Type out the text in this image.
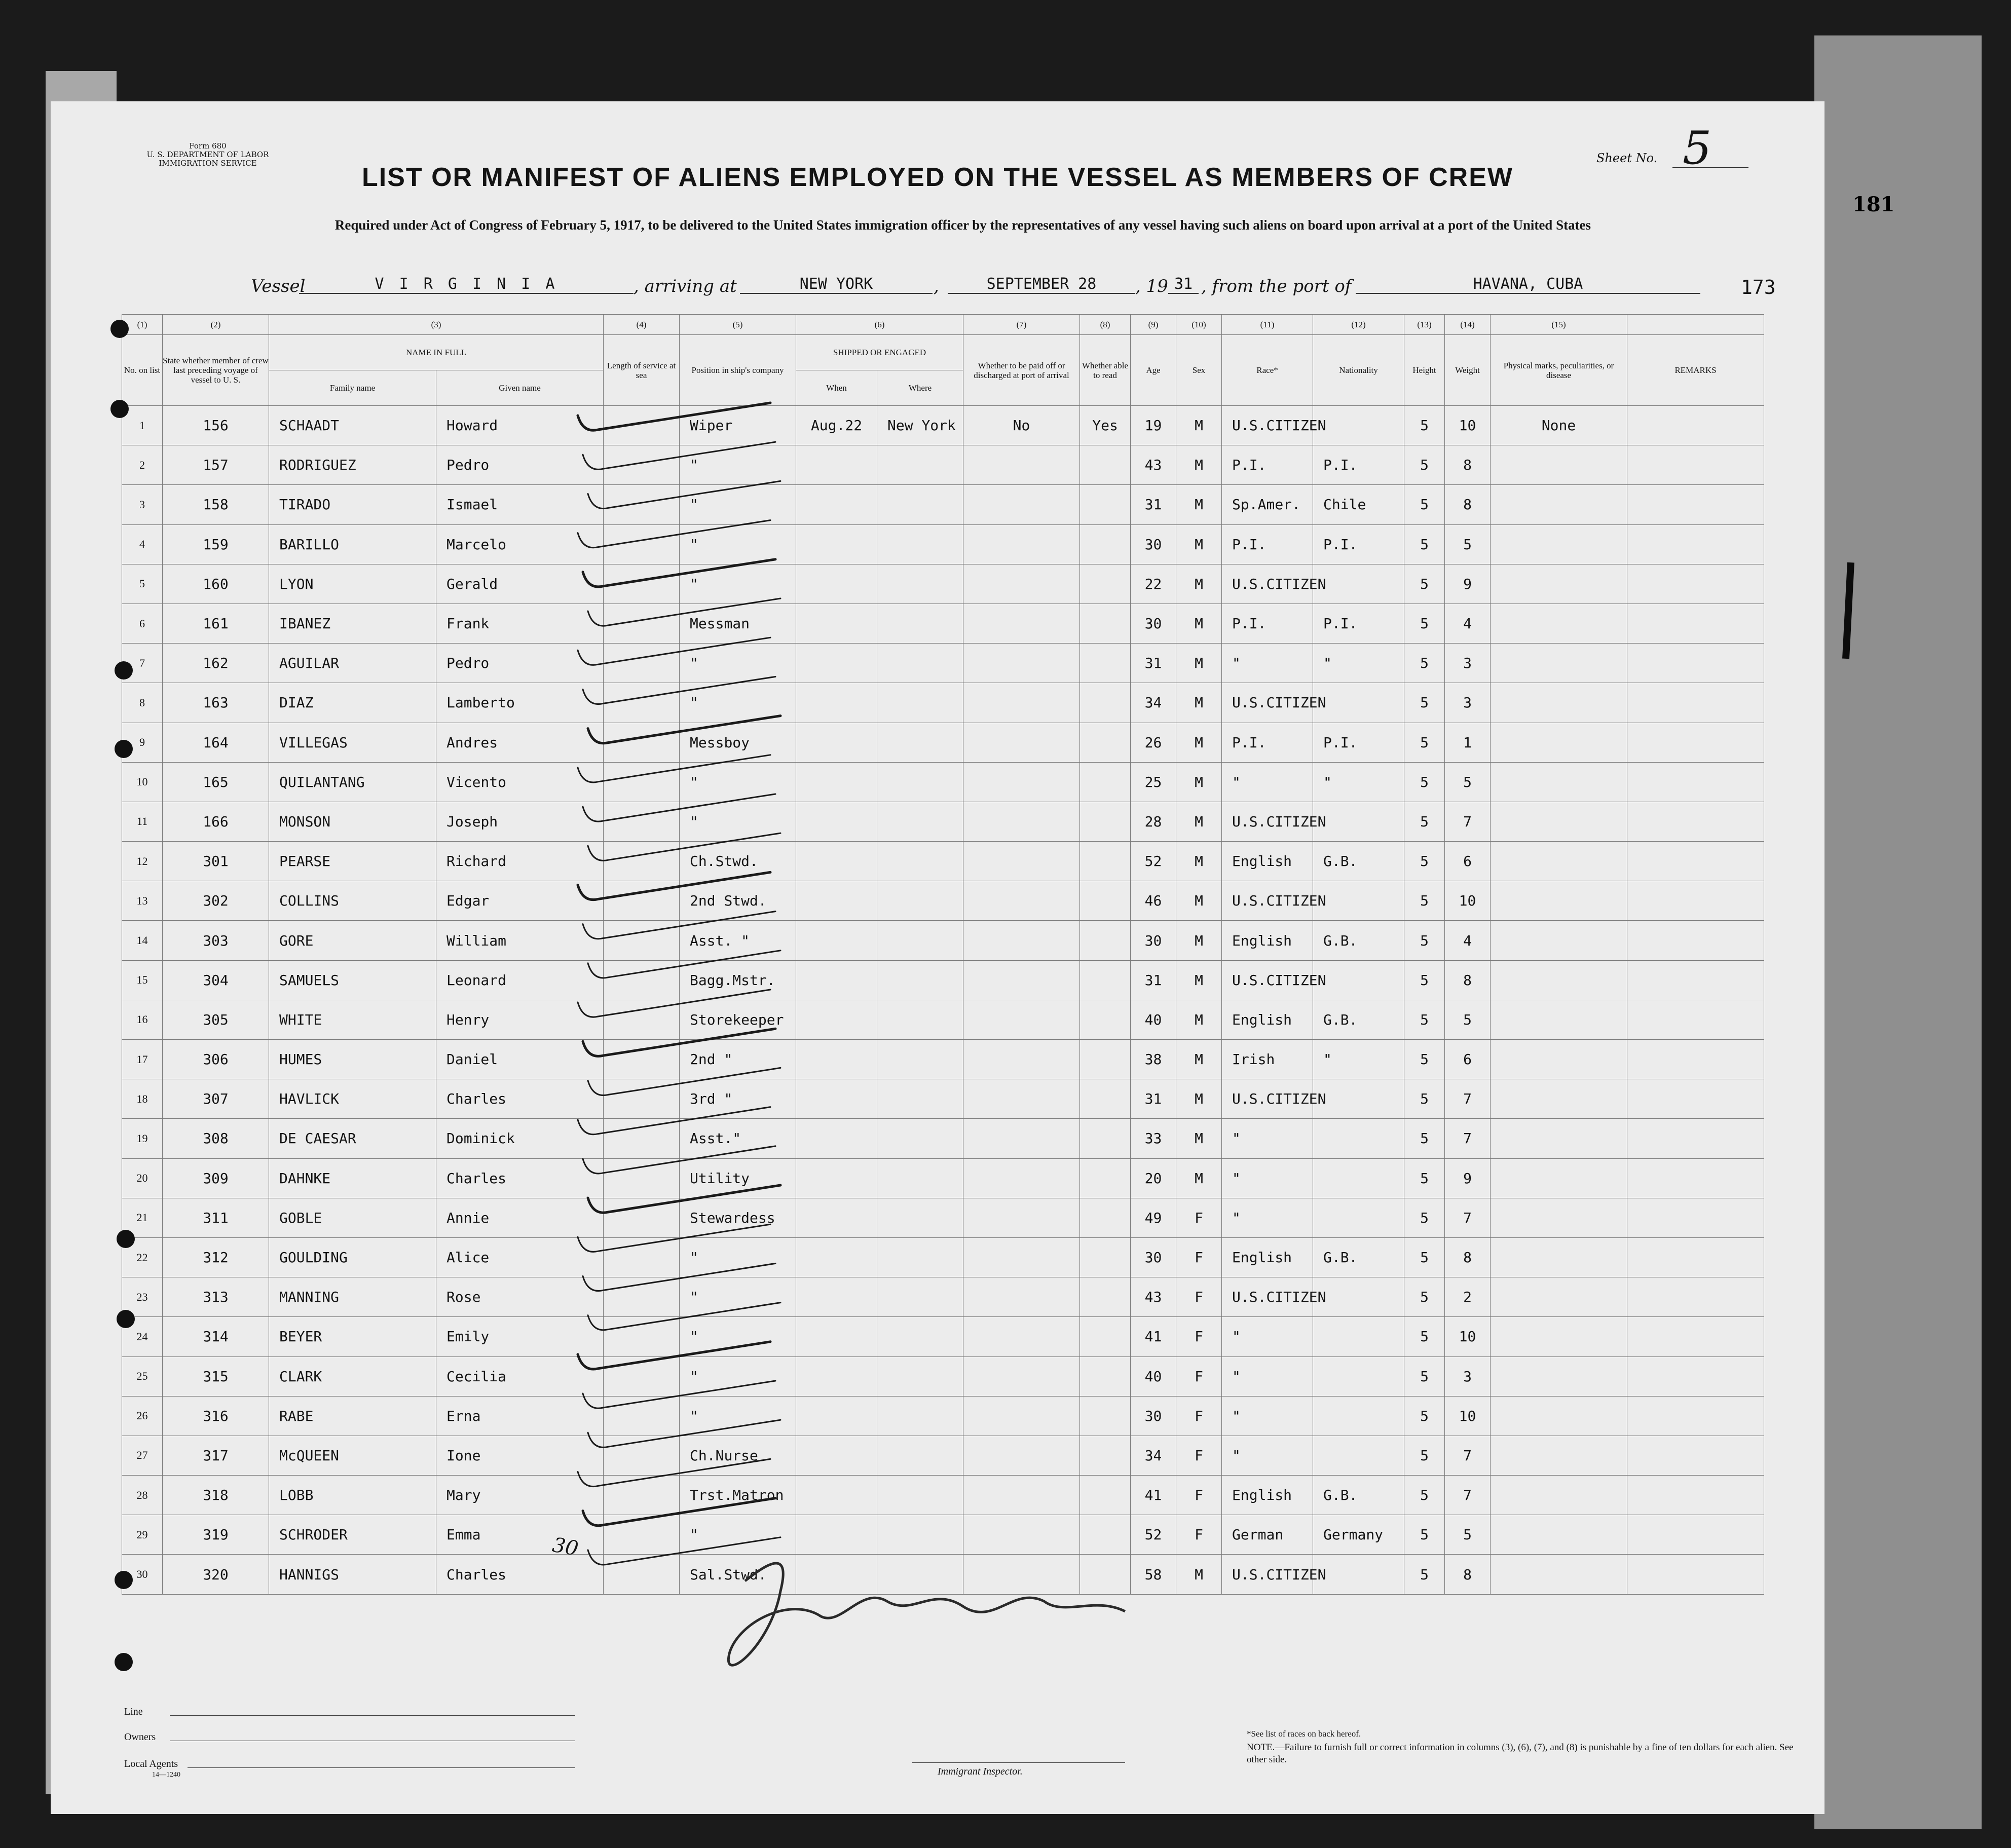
181
Form 680
U. S. DEPARTMENT OF LABOR
IMMIGRATION SERVICE	Sheet No. 5
LIST OR MANIFEST OF ALIENS EMPLOYED ON THE VESSEL AS MEMBERS OF CREW
Required under Act of Congress of February 5, 1917, to be delivered to the United States immigration officer by the representatives of any vessel having such aliens on board upon arrival at a port of the United States
Vessel	V I R G I N I A	, arriving at	NEW YORK	,	SEPTEMBER 28	, 19 31 , from the port of	HAVANA, CUBA	173
(1)	(2)	(3)		(4)	(5)	(6)		(7)	(8)	(9)	(10)	(11)	(12)	(13)	(14)	(15)	
No. on list	State whether member of crew last preceding voyage of vessel to U. S.	NAME IN FULL		Length of service at sea	Position in ship's company	SHIPPED OR ENGAGED		Whether to be paid off or discharged at port of arrival	Whether able to read	Age	Sex	Race*	Nationality	Height	Weight	Physical marks, peculiarities, or disease	REMARKS
		Family name	Given name			When	Where										
1	156	SCHAADT	Howard		Wiper	Aug.22	New York	No	Yes	19	M	U.S.CITIZEN		5	10	None	
2	157	RODRIGUEZ	Pedro		"					43	M	P.I.	P.I.	5	8		
3	158	TIRADO	Ismael		"					31	M	Sp.Amer.	Chile	5	8		
4	159	BARILLO	Marcelo		"					30	M	P.I.	P.I.	5	5		
5	160	LYON	Gerald		"					22	M	U.S.CITIZEN		5	9		
6	161	IBANEZ	Frank		Messman					30	M	P.I.	P.I.	5	4		
7	162	AGUILAR	Pedro		"					31	M	"	"	5	3		
8	163	DIAZ	Lamberto		"					34	M	U.S.CITIZEN		5	3		
9	164	VILLEGAS	Andres		Messboy					26	M	P.I.	P.I.	5	1		
10	165	QUILANTANG	Vicento		"					25	M	"	"	5	5		
11	166	MONSON	Joseph		"					28	M	U.S.CITIZEN		5	7		
12	301	PEARSE	Richard		Ch.Stwd.					52	M	English	G.B.	5	6		
13	302	COLLINS	Edgar		2nd Stwd.					46	M	U.S.CITIZEN		5	10		
14	303	GORE	William		Asst. "					30	M	English	G.B.	5	4		
15	304	SAMUELS	Leonard		Bagg.Mstr.					31	M	U.S.CITIZEN		5	8		
16	305	WHITE	Henry		Storekeeper					40	M	English	G.B.	5	5		
17	306	HUMES	Daniel		2nd "					38	M	Irish	"	5	6		
18	307	HAVLICK	Charles		3rd "					31	M	U.S.CITIZEN		5	7		
19	308	DE CAESAR	Dominick		Asst."					33	M	"		5	7		
20	309	DAHNKE	Charles		Utility					20	M	"		5	9		
21	311	GOBLE	Annie		Stewardess					49	F	"		5	7		
22	312	GOULDING	Alice		"					30	F	English	G.B.	5	8		
23	313	MANNING	Rose		"					43	F	U.S.CITIZEN		5	2		
24	314	BEYER	Emily		"					41	F	"		5	10		
25	315	CLARK	Cecilia		"					40	F	"		5	3		
26	316	RABE	Erna		"					30	F	"		5	10		
27	317	McQUEEN	Ione		Ch.Nurse					34	F	"		5	7		
28	318	LOBB	Mary		Trst.Matron					41	F	English	G.B.	5	7		
29	319	SCHRODER	Emma		"					52	F	German	Germany	5	5		
30	320	HANNIGS	Charles		Sal.Stwd.					58	M	U.S.CITIZEN		5	8		
Line
Owners
Local Agents
14—1240	Immigrant Inspector.
*See list of races on back hereof.
NOTE.—Failure to furnish full or correct information in columns (3), (6), (7), and (8) is punishable by a fine of ten dollars for each alien. See other side.
30
